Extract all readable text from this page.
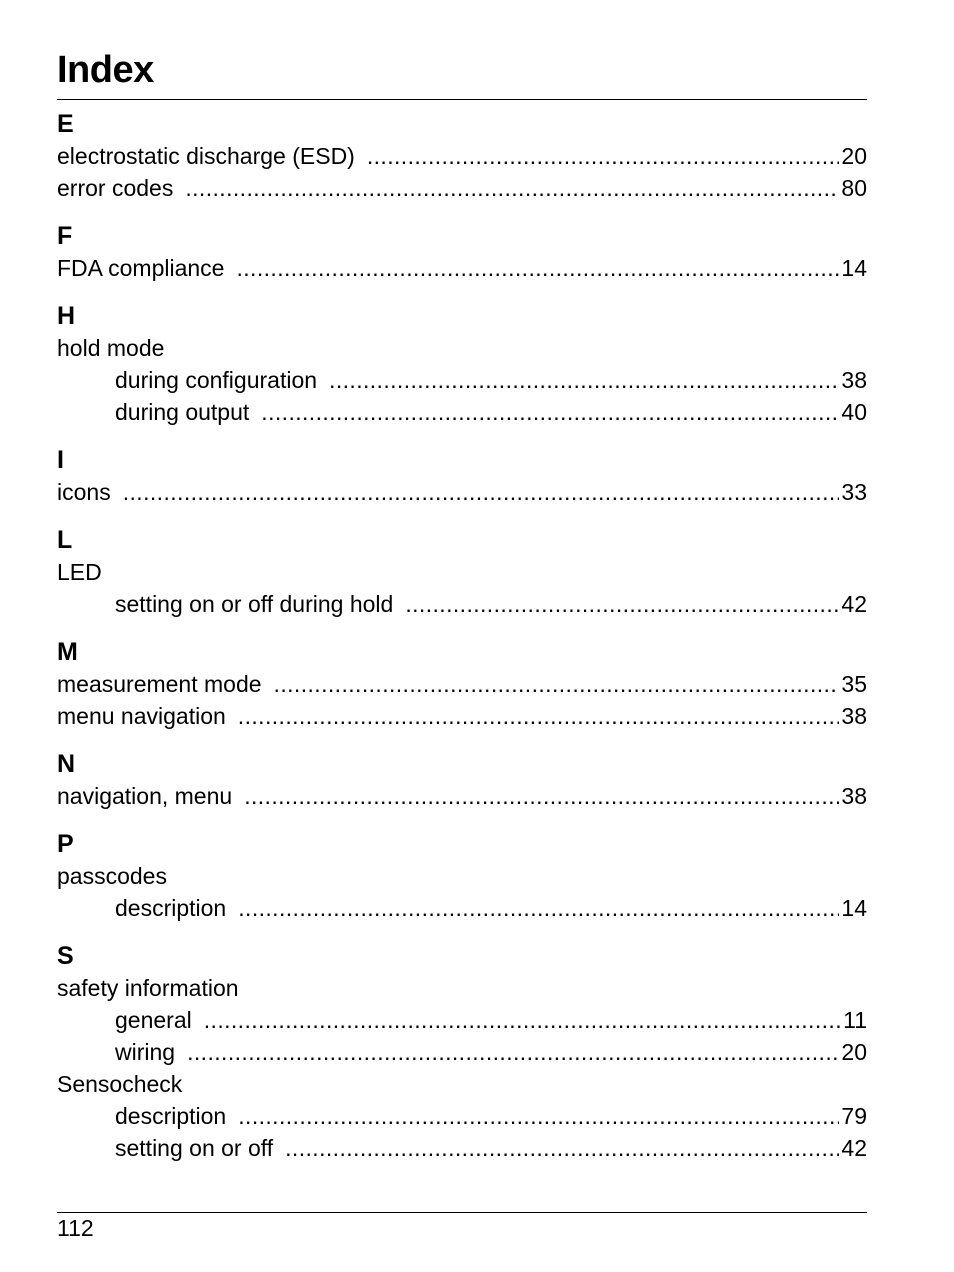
Index
E
electrostatic discharge (ESD) .....	20
error codes .....	80
F
FDA compliance .....	14
H
hold mode
during configuration .....	38
during output .....	40
I
icons .....	33
L
LED
setting on or off during hold .....	42
M
measurement mode .....	35
menu navigation .....	38
N
navigation, menu .....	38
P
passcodes
description .....	14
S
safety information
general .....	11
wiring .....	20
Sensocheck
description .....	79
setting on or off .....	42
112
